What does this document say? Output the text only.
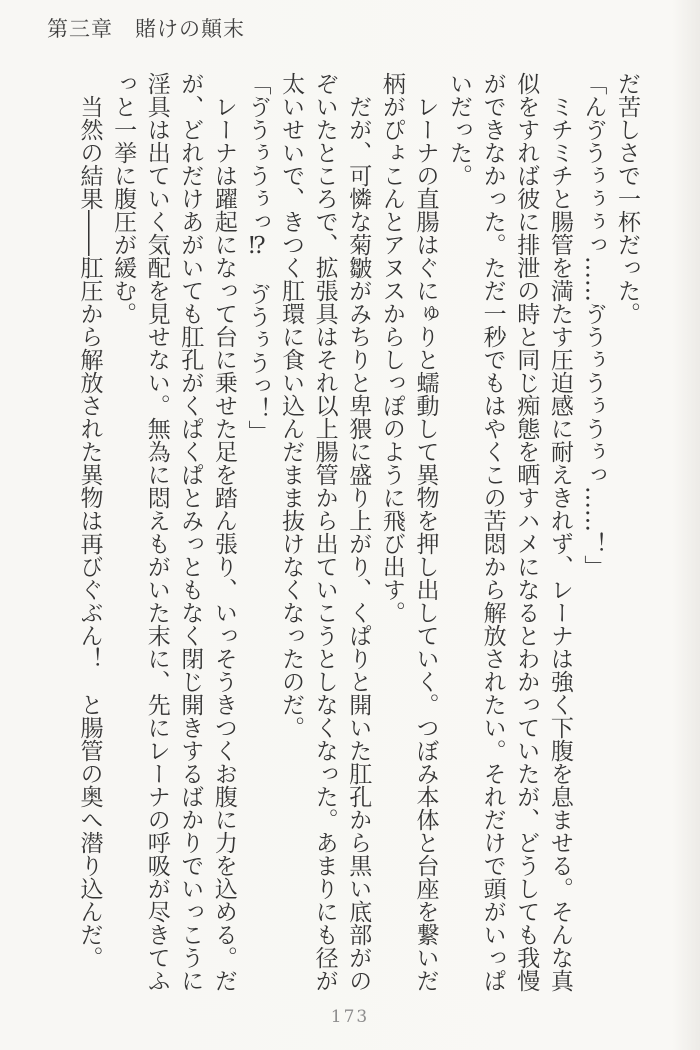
第三章　賭けの顛末

だ苦しさで一杯だった。

「んゔうぅぅぅっ……ゔうぅうぅうぅっ……！」

　ミチミチと腸管を満たす圧迫感に耐えきれず、レーナは強く下腹を息ませる。そんな真

似をすれば彼に排泄の時と同じ痴態を晒すハメになるとわかっていたが、どうしても我慢

ができなかった。ただ一秒でもはやくこの苦悶から解放されたい。それだけで頭がいっぱ

いだった。

　レーナの直腸はぐにゅりと蠕動して異物を押し出していく。つぼみ本体と台座を繋いだ

柄がぴょこんとアヌスからしっぽのように飛び出す。

　だが、可憐な菊皺がみちりと卑猥に盛り上がり、くぱりと開いた肛孔から黒い底部がの

ぞいたところで、拡張具はそれ以上腸管から出ていこうとしなくなった。あまりにも径が

太いせいで、きつく肛環に食い込んだまま抜けなくなったのだ。

「ゔうぅうぅっ⁉　ゔうぅうっ！」

　レーナは躍起になって台に乗せた足を踏ん張り、いっそうきつくお腹に力を込める。だ

が、どれだけあがいても肛孔がくぱくぱとみっともなく閉じ開きするばかりでいっこうに

淫具は出ていく気配を見せない。無為に悶えもがいた末に、先にレーナの呼吸が尽きてふ

っと一挙に腹圧が緩む。

　当然の結果――肛圧から解放された異物は再びぐぶん！　と腸管の奥へ潜り込んだ。

173
